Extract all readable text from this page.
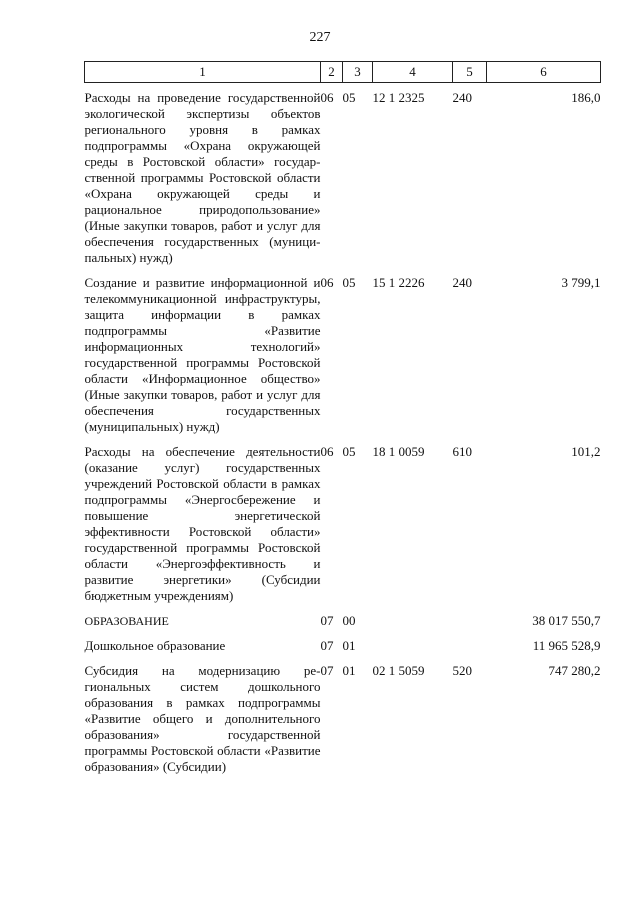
227
1	2	3	4	5	6

Расходы на проведение государственной экологической экспертизы объектов регионального уровня в рамках подпрограммы «Охрана окружающей среды в Ростовской области» государственной программы Ростовской области «Охрана окружающей среды и рациональное природопользование» (Иные закупки товаров, работ и услуг для обеспечения государственных (муниципальных) нужд)	06	05	12 1 2325	240	186,0

Создание и развитие информационной и телекоммуникационной инфраструктуры, защита информации в рамках подпрограммы «Развитие информационных технологий» государственной программы Ростовской области «Информационное общество» (Иные закупки товаров, работ и услуг для обеспечения государственных (муниципальных) нужд)	06	05	15 1 2226	240	3 799,1

Расходы на обеспечение деятельности (оказание услуг) государственных учреждений Ростовской области в рамках подпрограммы «Энергосбережение и повышение энергетической эффективности Ростовской области» государственной программы Ростовской области «Энергоэффективность и развитие энергетики» (Субсидии бюджетным учреждениям)	06	05	18 1 0059	610	101,2

ОБРАЗОВАНИЕ	07	00			38 017 550,7

Дошкольное образование	07	01			11 965 528,9

Субсидия на модернизацию региональных систем дошкольного образования в рамках подпрограммы «Развитие общего и дополнительного образования» государственной программы Ростовской области «Развитие образования» (Субсидии)	07	01	02 1 5059	520	747 280,2
